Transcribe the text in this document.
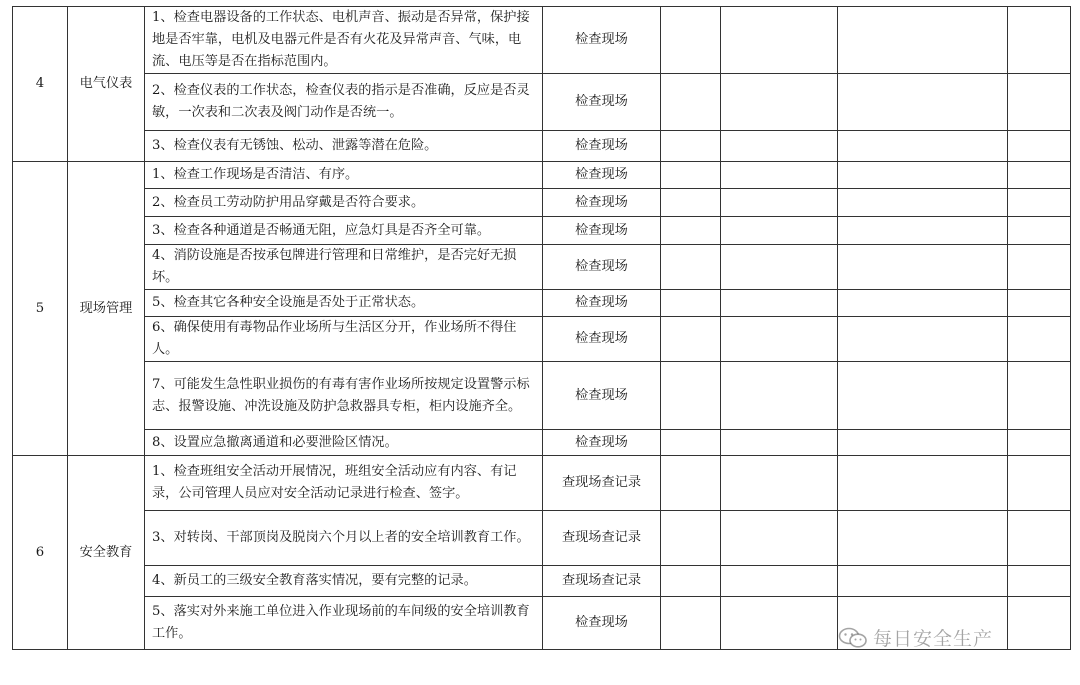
4	电气仪表	1、检查电器设备的工作状态、电机声音、振动是否异常，保护接地是否牢靠，电机及电器元件是否有火花及异常声音、气味，电流、电压等是否在指标范围内。	检查现场				
		2、检查仪表的工作状态，检查仪表的指示是否准确，反应是否灵敏，一次表和二次表及阀门动作是否统一。	检查现场				
		3、检查仪表有无锈蚀、松动、泄露等潜在危险。	检查现场				
5	现场管理	1、检查工作现场是否清洁、有序。	检查现场				
		2、检查员工劳动防护用品穿戴是否符合要求。	检查现场				
		3、检查各种通道是否畅通无阻，应急灯具是否齐全可靠。	检查现场				
		4、消防设施是否按承包牌进行管理和日常维护，是否完好无损坏。	检查现场				
		5、检查其它各种安全设施是否处于正常状态。	检查现场				
		6、确保使用有毒物品作业场所与生活区分开，作业场所不得住人。	检查现场				
		7、可能发生急性职业损伤的有毒有害作业场所按规定设置警示标志、报警设施、冲洗设施及防护急救器具专柜，柜内设施齐全。	检查现场				
		8、设置应急撤离通道和必要泄险区情况。	检查现场				
6	安全教育	1、检查班组安全活动开展情况，班组安全活动应有内容、有记录，公司管理人员应对安全活动记录进行检查、签字。	查现场查记录				
		3、对转岗、干部顶岗及脱岗六个月以上者的安全培训教育工作。	查现场查记录				
		4、新员工的三级安全教育落实情况，要有完整的记录。	查现场查记录				
		5、落实对外来施工单位进入作业现场前的车间级的安全培训教育工作。	检查现场				
每日安全生产
